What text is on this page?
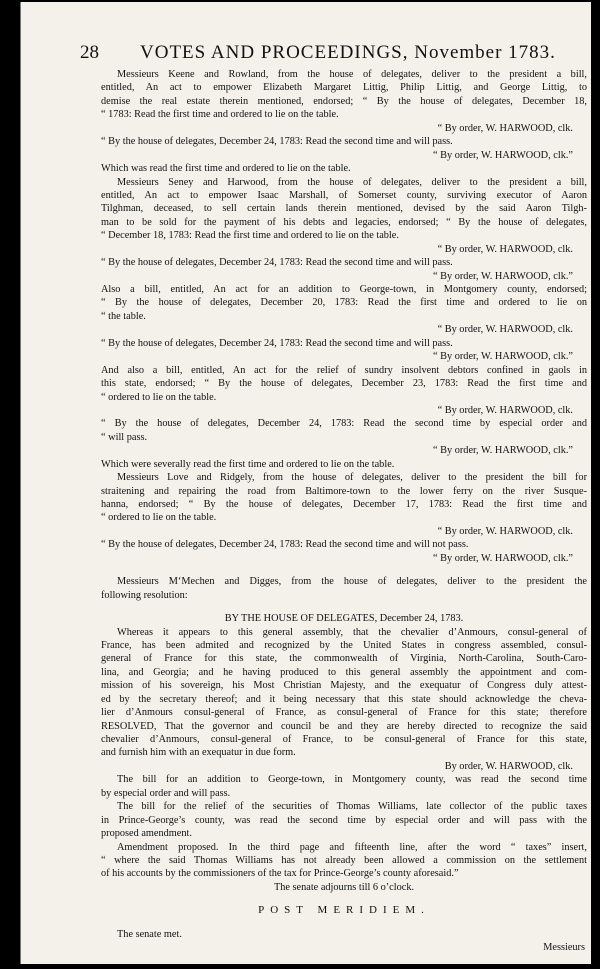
28 VOTES AND PROCEEDINGS, November 1783.
Messieurs Keene and Rowland, from the house of delegates, deliver to the president a bill,
entitled, An act to empower Elizabeth Margaret Littig, Philip Littig, and George Littig, to
demise the real estate therein mentioned, endorsed; “ By the house of delegates, December 18,
“ 1783: Read the first time and ordered to lie on the table.
“ By order, W. HARWOOD, clk.
“ By the house of delegates, December 24, 1783: Read the second time and will pass.
“ By order, W. HARWOOD, clk.”
Which was read the first time and ordered to lie on the table.
Messieurs Seney and Harwood, from the house of delegates, deliver to the president a bill,
entitled, An act to empower Isaac Marshall, of Somerset county, surviving executor of Aaron
Tilghman, deceased, to sell certain lands therein mentioned, devised by the said Aaron Tilgh-
man to be sold for the payment of his debts and legacies, endorsed; “ By the house of delegates,
“ December 18, 1783: Read the first time and ordered to lie on the table.
“ By order, W. HARWOOD, clk.
“ By the house of delegates, December 24, 1783: Read the second time and will pass.
“ By order, W. HARWOOD, clk.”
Also a bill, entitled, An act for an addition to George-town, in Montgomery county, endorsed;
“ By the house of delegates, December 20, 1783: Read the first time and ordered to lie on
“ the table.
“ By order, W. HARWOOD, clk.
“ By the house of delegates, December 24, 1783: Read the second time and will pass.
“ By order, W. HARWOOD, clk.”
And also a bill, entitled, An act for the relief of sundry insolvent debtors confined in gaols in
this state, endorsed; “ By the house of delegates, December 23, 1783: Read the first time and
“ ordered to lie on the table.
“ By order, W. HARWOOD, clk.
“ By the house of delegates, December 24, 1783: Read the second time by especial order and
“ will pass.
“ By order, W. HARWOOD, clk.”
Which were severally read the first time and ordered to lie on the table.
Messieurs Love and Ridgely, from the house of delegates, deliver to the president the bill for
straitening and repairing the road from Baltimore-town to the lower ferry on the river Susque-
hanna, endorsed; “ By the house of delegates, December 17, 1783: Read the first time and
“ ordered to lie on the table.
“ By order, W. HARWOOD, clk.
“ By the house of delegates, December 24, 1783: Read the second time and will not pass.
“ By order, W. HARWOOD, clk.”
Messieurs M‘Mechen and Digges, from the house of delegates, deliver to the president the
following resolution:
BY THE HOUSE OF DELEGATES, December 24, 1783.
Whereas it appears to this general assembly, that the chevalier d’Anmours, consul-general of
France, has been admited and recognized by the United States in congress assembled, consul-
general of France for this state, the commonwealth of Virginia, North-Carolina, South-Caro-
lina, and Georgia; and he having produced to this general assembly the appointment and com-
mission of his sovereign, his Most Christian Majesty, and the exequatur of Congress duly attest-
ed by the secretary thereof; and it being necessary that this state should acknowledge the cheva-
lier d’Anmours consul-general of France, as consul-general of France for this state; therefore
RESOLVED, That the governor and council be and they are hereby directed to recognize the said
chevalier d’Anmours, consul-general of France, to be consul-general of France for this state,
and furnish him with an exequatur in due form.
By order, W. HARWOOD, clk.
The bill for an addition to George-town, in Montgomery county, was read the second time
by especial order and will pass.
The bill for the relief of the securities of Thomas Williams, late collector of the public taxes
in Prince-George’s county, was read the second time by especial order and will pass with the
proposed amendment.
Amendment proposed. In the third page and fifteenth line, after the word “ taxes” insert,
“ where the said Thomas Williams has not already been allowed a commission on the settlement
of his accounts by the commissioners of the tax for Prince-George’s county aforesaid.”
The senate adjourns till 6 o’clock.
POST MERIDIEM.
The senate met.
Messieurs
